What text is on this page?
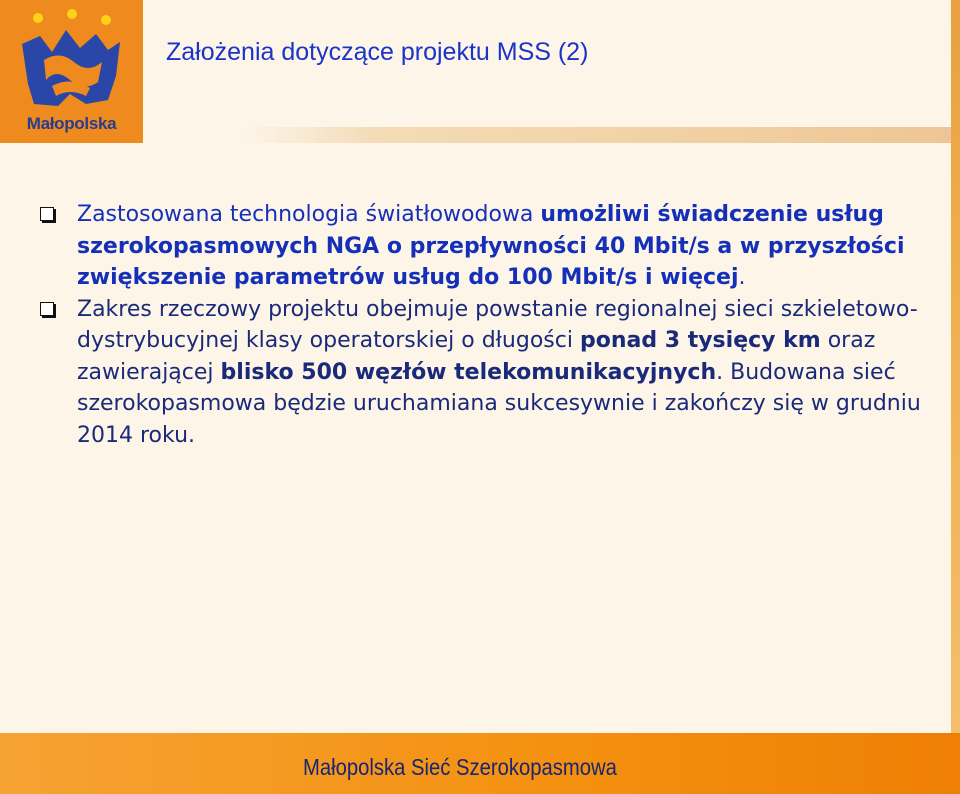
Małopolska
Założenia dotyczące projektu MSS (2)
Zastosowana technologia światłowodowa umożliwi świadczenie usług szerokopasmowych NGA o przepływności 40 Mbit/s a w przyszłości zwiększenie parametrów usług do 100 Mbit/s i więcej.
Zakres rzeczowy projektu obejmuje powstanie regionalnej sieci szkieletowo-dystrybucyjnej klasy operatorskiej o długości ponad 3 tysięcy km oraz zawierającej blisko 500 węzłów telekomunikacyjnych. Budowana sieć szerokopasmowa będzie uruchamiana sukcesywnie i zakończy się w grudniu 2014 roku.
Małopolska Sieć Szerokopasmowa
